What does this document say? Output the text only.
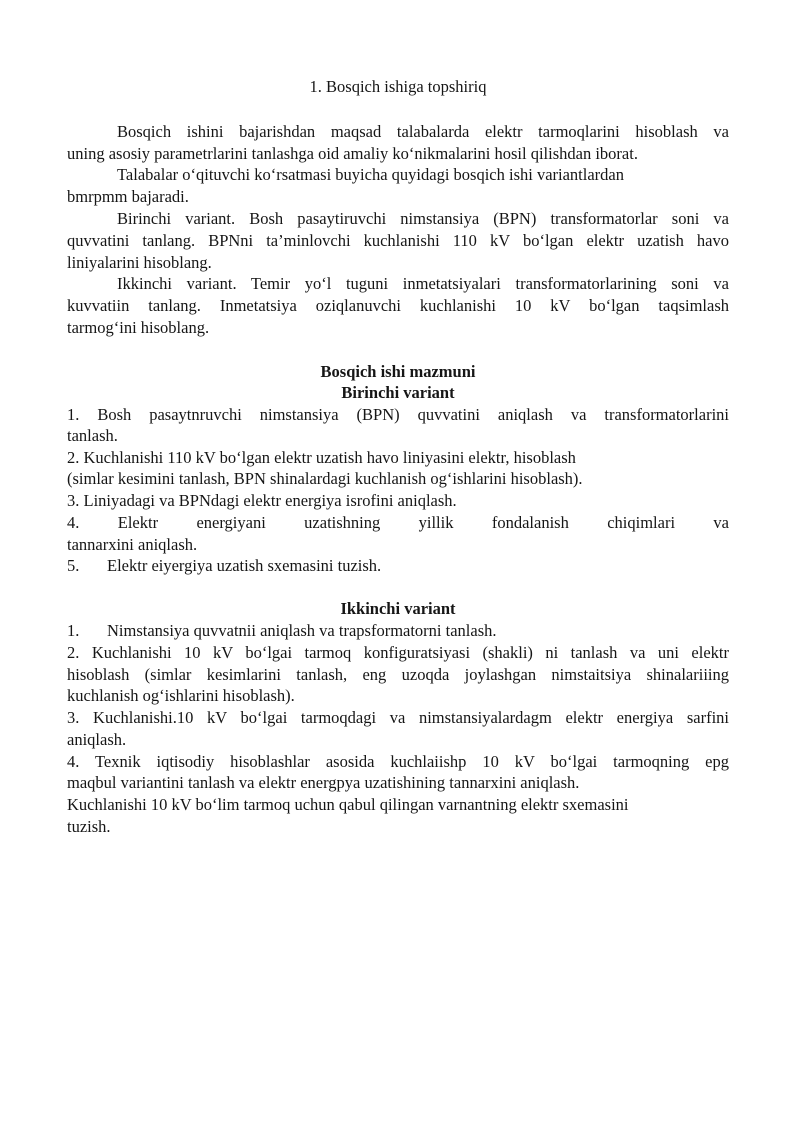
1. Bosqich ishiga topshiriq
Bosqich ishini bajarishdan maqsad talabalarda elektr tarmoqlarini hisoblash va
uning asosiy parametrlarini tanlashga oid amaliy ko‘nikmalarini hosil qilishdan iborat.
Talabalar o‘qituvchi ko‘rsatmasi buyicha quyidagi bosqich ishi variantlardan
bmrpmm bajaradi.
Birinchi variant. Bosh pasaytiruvchi nimstansiya (BPN) transformatorlar soni va
quvvatini tanlang. BPNni ta’minlovchi kuchlanishi 110 kV bo‘lgan elektr uzatish havo
liniyalarini hisoblang.
Ikkinchi variant. Temir yo‘l tuguni inmetatsiyalari transformatorlarining soni va
kuvvatiin tanlang. Inmetatsiya oziqlanuvchi kuchlanishi 10 kV bo‘lgan taqsimlash
tarmog‘ini hisoblang.
Bosqich ishi mazmuni
Birinchi variant
1. Bosh pasaytnruvchi nimstansiya (BPN) quvvatini aniqlash va transformatorlarini
tanlash.
2. Kuchlanishi 110 kV bo‘lgan elektr uzatish havo liniyasini elektr, hisoblash
(simlar kesimini tanlash, BPN shinalardagi kuchlanish og‘ishlarini hisoblash).
3. Liniyadagi va BPNdagi elektr energiya isrofini aniqlash.
4. Elektr energiyani uzatishning yillik fondalanish chiqimlari va
tannarxini aniqlash.
5. Elektr eiyergiya uzatish sxemasini tuzish.
Ikkinchi variant
1. Nimstansiya quvvatnii aniqlash va trapsformatorni tanlash.
2. Kuchlanishi 10 kV bo‘lgai tarmoq konfiguratsiyasi (shakli) ni tanlash va uni elektr
hisoblash (simlar kesimlarini tanlash, eng uzoqda joylashgan nimstaitsiya shinalariiing
kuchlanish og‘ishlarini hisoblash).
3. Kuchlanishi.10 kV bo‘lgai tarmoqdagi va nimstansiyalardagm elektr energiya sarfini
aniqlash.
4. Texnik iqtisodiy hisoblashlar asosida kuchlaiishp 10 kV bo‘lgai tarmoqning epg
maqbul variantini tanlash va elektr energpya uzatishining tannarxini aniqlash.
Kuchlanishi 10 kV bo‘lim tarmoq uchun qabul qilingan varnantning elektr sxemasini
tuzish.
